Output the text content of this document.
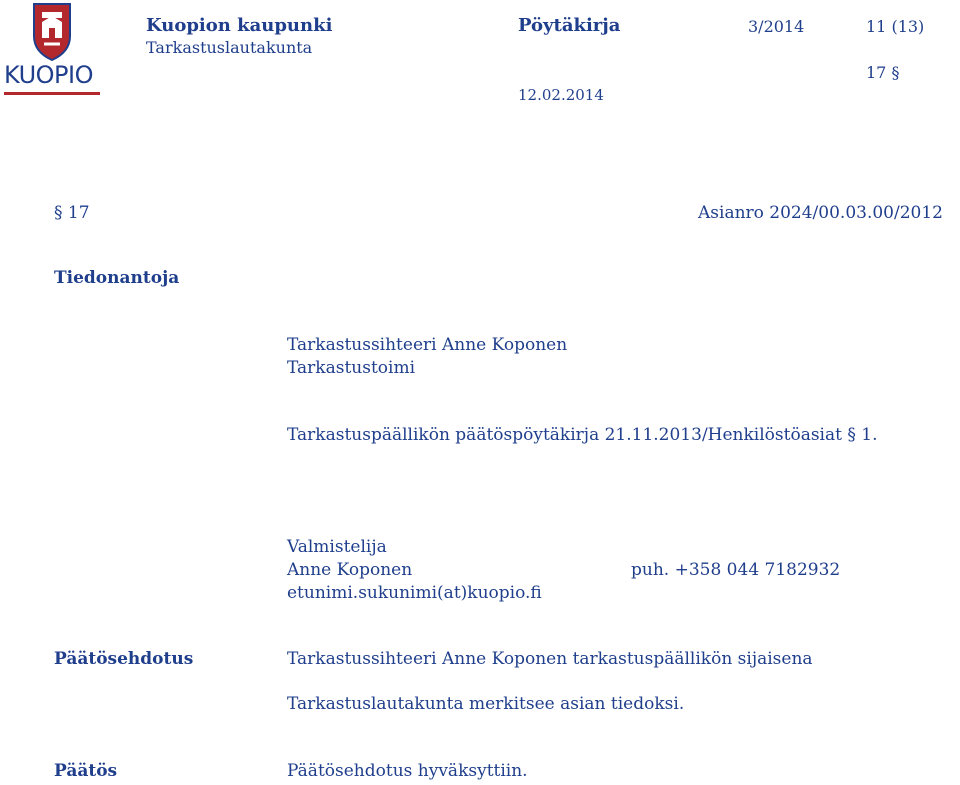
KUOPIO
Kuopion kaupunki
Tarkastuslautakunta
Pöytäkirja	3/2014	11 (13)
17 §
12.02.2014
§ 17	Asianro 2024/00.03.00/2012
Tiedonantoja
Tarkastussihteeri Anne Koponen
Tarkastustoimi
Tarkastuspäällikön päätöspöytäkirja 21.11.2013/Henkilöstöasiat § 1.
Valmistelija
Anne Koponen	puh. +358 044 7182932
etunimi.sukunimi(at)kuopio.fi
Päätösehdotus	Tarkastussihteeri Anne Koponen tarkastuspäällikön sijaisena
Tarkastuslautakunta merkitsee asian tiedoksi.
Päätös	Päätösehdotus hyväksyttiin.
